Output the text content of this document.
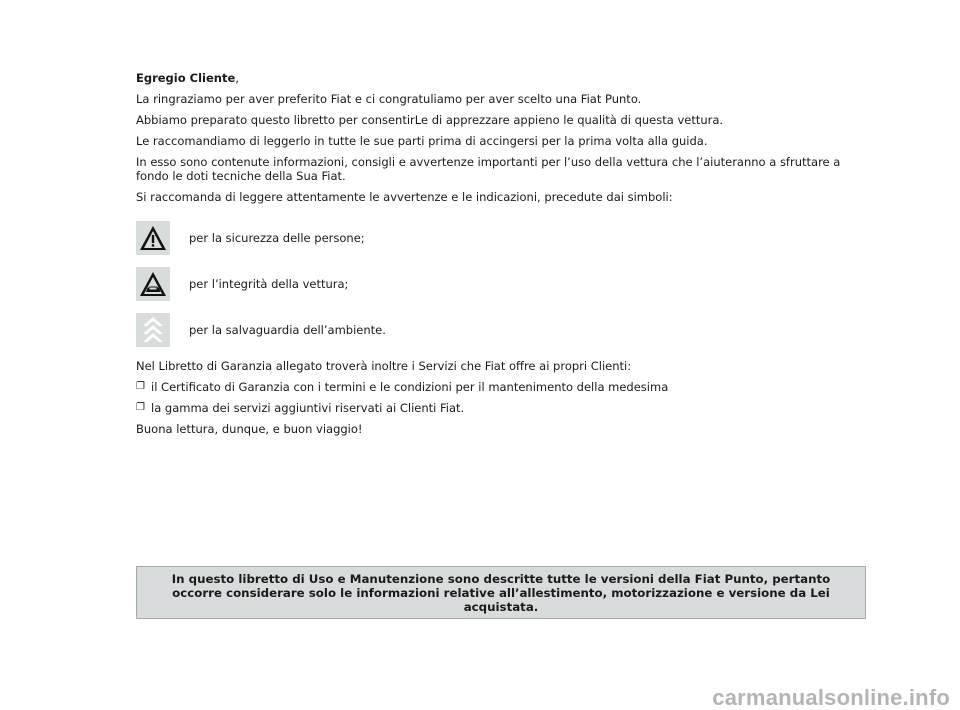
Egregio Cliente,

La ringraziamo per aver preferito Fiat e ci congratuliamo per aver scelto una Fiat Punto.

Abbiamo preparato questo libretto per consentirLe di apprezzare appieno le qualità di questa vettura.

Le raccomandiamo di leggerlo in tutte le sue parti prima di accingersi per la prima volta alla guida.

In esso sono contenute informazioni, consigli e avvertenze importanti per l’uso della vettura che l’aiuteranno a sfruttare a fondo le doti tecniche della Sua Fiat.

Si raccomanda di leggere attentamente le avvertenze e le indicazioni, precedute dai simboli:

per la sicurezza delle persone;
per l’integrità della vettura;
per la salvaguardia dell’ambiente.

Nel Libretto di Garanzia allegato troverà inoltre i Servizi che Fiat offre ai propri Clienti:

❐ il Certificato di Garanzia con i termini e le condizioni per il mantenimento della medesima

❐ la gamma dei servizi aggiuntivi riservati ai Clienti Fiat.

Buona lettura, dunque, e buon viaggio!

In questo libretto di Uso e Manutenzione sono descritte tutte le versioni della Fiat Punto, pertanto occorre considerare solo le informazioni relative all’allestimento, motorizzazione e versione da Lei acquistata.
carmanualsonline.info
